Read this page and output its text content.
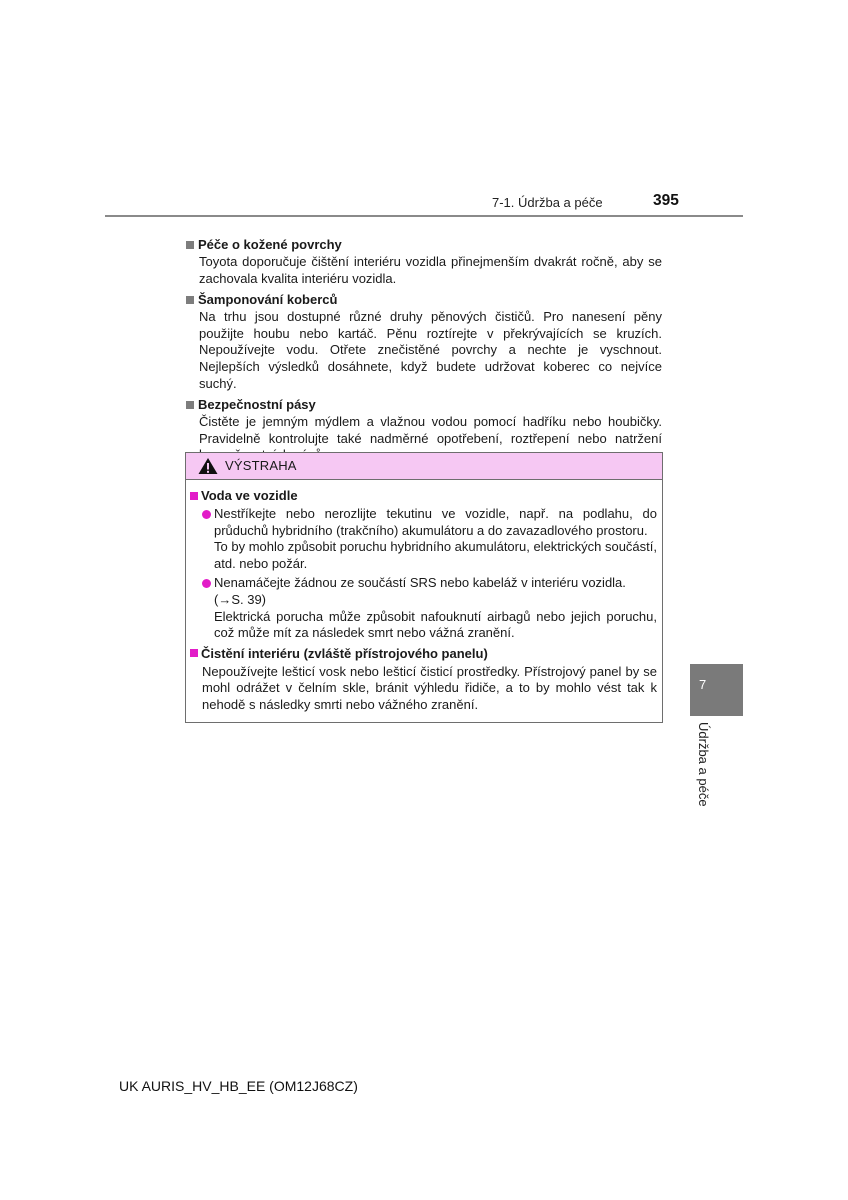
7-1. Údržba a péče	395
Péče o kožené povrchy
Toyota doporučuje čištění interiéru vozidla přinejmenším dvakrát ročně, aby se zachovala kvalita interiéru vozidla.
Šamponování koberců
Na trhu jsou dostupné různé druhy pěnových čističů. Pro nanesení pěny použijte houbu nebo kartáč. Pěnu roztírejte v překrývajících se kruzích. Nepoužívejte vodu. Otřete znečistěné povrchy a nechte je vyschnout. Nejlepších výsledků dosáhnete, když budete udržovat koberec co nejvíce suchý.
Bezpečnostní pásy
Čistěte je jemným mýdlem a vlažnou vodou pomocí hadříku nebo houbičky. Pravidelně kontrolujte také nadměrné opotřebení, roztřepení nebo natržení
VÝSTRAHA
Voda ve vozidle
Nestříkejte nebo nerozlijte tekutinu ve vozidle, např. na podlahu, do průduchů hybridního (trakčního) akumulátoru a do zavazadlového prostoru.
To by mohlo způsobit poruchu hybridního akumulátoru, elektrických součástí, atd. nebo požár.
Nenamáčejte žádnou ze součástí SRS nebo kabeláž v interiéru vozidla.
(→S. 39)
Elektrická porucha může způsobit nafouknutí airbagů nebo jejich poruchu, což může mít za následek smrt nebo vážná zranění.
Čistění interiéru (zvláště přístrojového panelu)
Nepoužívejte lešticí vosk nebo lešticí čisticí prostředky. Přístrojový panel by se mohl odrážet v čelním skle, bránit výhledu řidiče, a to by mohlo vést tak k nehodě s následky smrti nebo vážného zranění.
7
Údržba a péče
UK AURIS_HV_HB_EE (OM12J68CZ)
